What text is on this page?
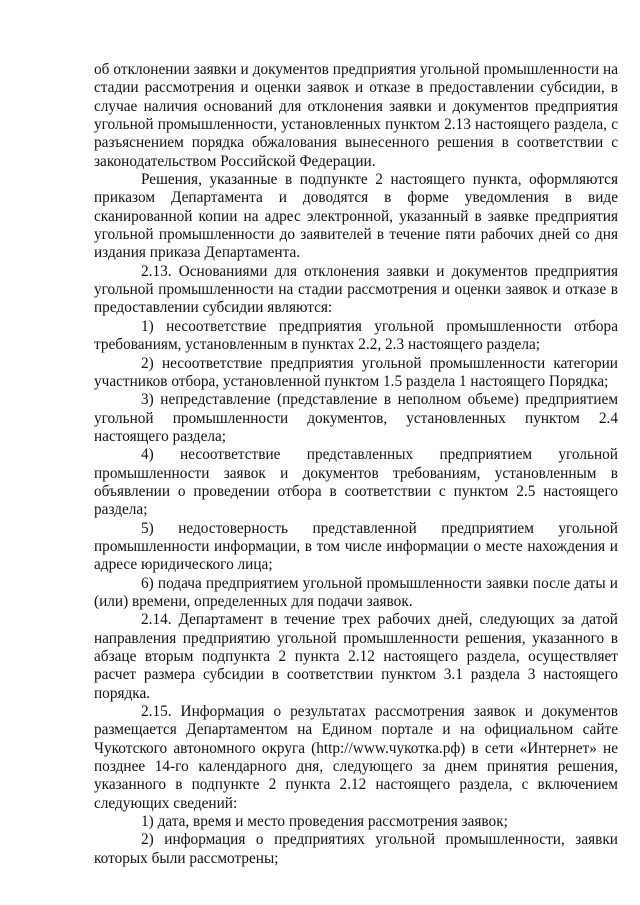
об отклонении заявки и документов предприятия угольной промышленности на стадии рассмотрения и оценки заявок и отказе в предоставлении субсидии, в случае наличия оснований для отклонения заявки и документов предприятия угольной промышленности, установленных пунктом 2.13 настоящего раздела, с разъяснением порядка обжалования вынесенного решения в соответствии с законодательством Российской Федерации.

Решения, указанные в подпункте 2 настоящего пункта, оформляются приказом Департамента и доводятся в форме уведомления в виде сканированной копии на адрес электронной, указанный в заявке предприятия угольной промышленности до заявителей в течение пяти рабочих дней со дня издания приказа Департамента.

2.13. Основаниями для отклонения заявки и документов предприятия угольной промышленности на стадии рассмотрения и оценки заявок и отказе в предоставлении субсидии являются:

1) несоответствие предприятия угольной промышленности отбора требованиям, установленным в пунктах 2.2, 2.3 настоящего раздела;

2) несоответствие предприятия угольной промышленности категории участников отбора, установленной пунктом 1.5 раздела 1 настоящего Порядка;

3) непредставление (представление в неполном объеме) предприятием угольной промышленности документов, установленных пунктом 2.4 настоящего раздела;

4) несоответствие представленных предприятием угольной промышленности заявок и документов требованиям, установленным в объявлении о проведении отбора в соответствии с пунктом 2.5 настоящего раздела;

5) недостоверность представленной предприятием угольной промышленности информации, в том числе информации о месте нахождения и адресе юридического лица;

6) подача предприятием угольной промышленности заявки после даты и (или) времени, определенных для подачи заявок.

2.14. Департамент в течение трех рабочих дней, следующих за датой направления предприятию угольной промышленности решения, указанного в абзаце вторым подпункта 2 пункта 2.12 настоящего раздела, осуществляет расчет размера субсидии в соответствии пунктом 3.1 раздела 3 настоящего порядка.

2.15. Информация о результатах рассмотрения заявок и документов размещается Департаментом на Едином портале и на официальном сайте Чукотского автономного округа (http://www.чукотка.рф) в сети «Интернет» не позднее 14-го календарного дня, следующего за днем принятия решения, указанного в подпункте 2 пункта 2.12 настоящего раздела, с включением следующих сведений:

1) дата, время и место проведения рассмотрения заявок;

2) информация о предприятиях угольной промышленности, заявки которых были рассмотрены;
